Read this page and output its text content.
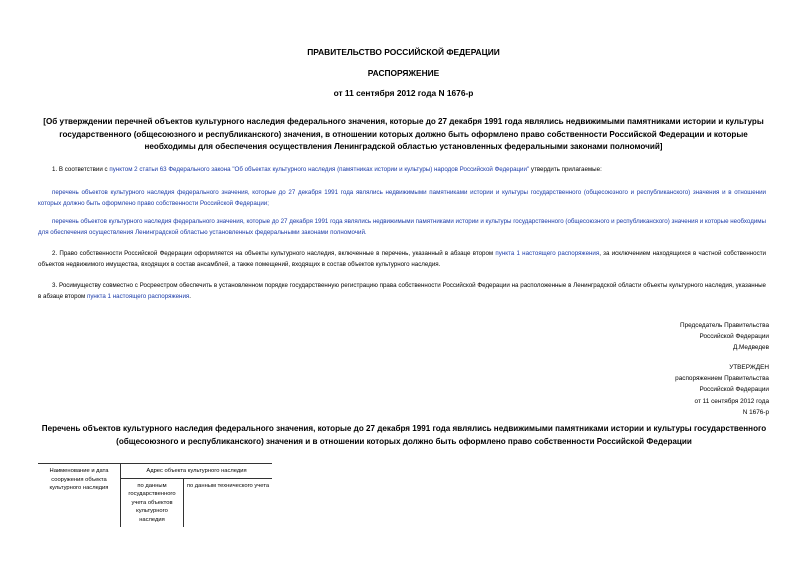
ПРАВИТЕЛЬСТВО РОССИЙСКОЙ ФЕДЕРАЦИИ
РАСПОРЯЖЕНИЕ
от 11 сентября 2012 года N 1676-р
[Об утверждении перечней объектов культурного наследия федерального значения, которые до 27 декабря 1991 года являлись недвижимыми памятниками истории и культуры государственного (общесоюзного и республиканского) значения, в отношении которых должно быть оформлено право собственности Российской Федерации и которые необходимы для обеспечения осуществления Ленинградской областью установленных федеральными законами полномочий]
1. В соответствии с пунктом 2 статьи 63 Федерального закона "Об объектах культурного наследия (памятниках истории и культуры) народов Российской Федерации" утвердить прилагаемые:
перечень объектов культурного наследия федерального значения, которые до 27 декабря 1991 года являлись недвижимыми памятниками истории и культуры государственного (общесоюзного и республиканского) значения и в отношении которых должно быть оформлено право собственности Российской Федерации;
перечень объектов культурного наследия федерального значения, которые до 27 декабря 1991 года являлись недвижимыми памятниками истории и культуры государственного (общесоюзного и республиканского) значения и которые необходимы для обеспечения осуществления Ленинградской областью установленных федеральными законами полномочий.
2. Право собственности Российской Федерации оформляется на объекты культурного наследия, включенные в перечень, указанный в абзаце втором пункта 1 настоящего распоряжения, за исключением находящихся в частной собственности объектов недвижимого имущества, входящих в состав ансамблей, а также помещений, входящих в состав объектов культурного наследия.
3. Росимуществу совместно с Росреестром обеспечить в установленном порядке государственную регистрацию права собственности Российской Федерации на расположенные в Ленинградской области объекты культурного наследия, указанные в абзаце втором пункта 1 настоящего распоряжения.
Председатель Правительства
Российской Федерации
Д.Медведев
УТВЕРЖДЕН
распоряжением Правительства
Российской Федерации
от 11 сентября 2012 года
N 1676-р
Перечень объектов культурного наследия федерального значения, которые до 27 декабря 1991 года являлись недвижимыми памятниками истории и культуры государственного (общесоюзного и республиканского) значения и в отношении которых должно быть оформлено право собственности Российской Федерации
Наименование и дата сооружения объекта культурного наследия	Адрес объекта культурного наследия	
	по данным государственного учета объектов культурного наследия	по данным технического учета
